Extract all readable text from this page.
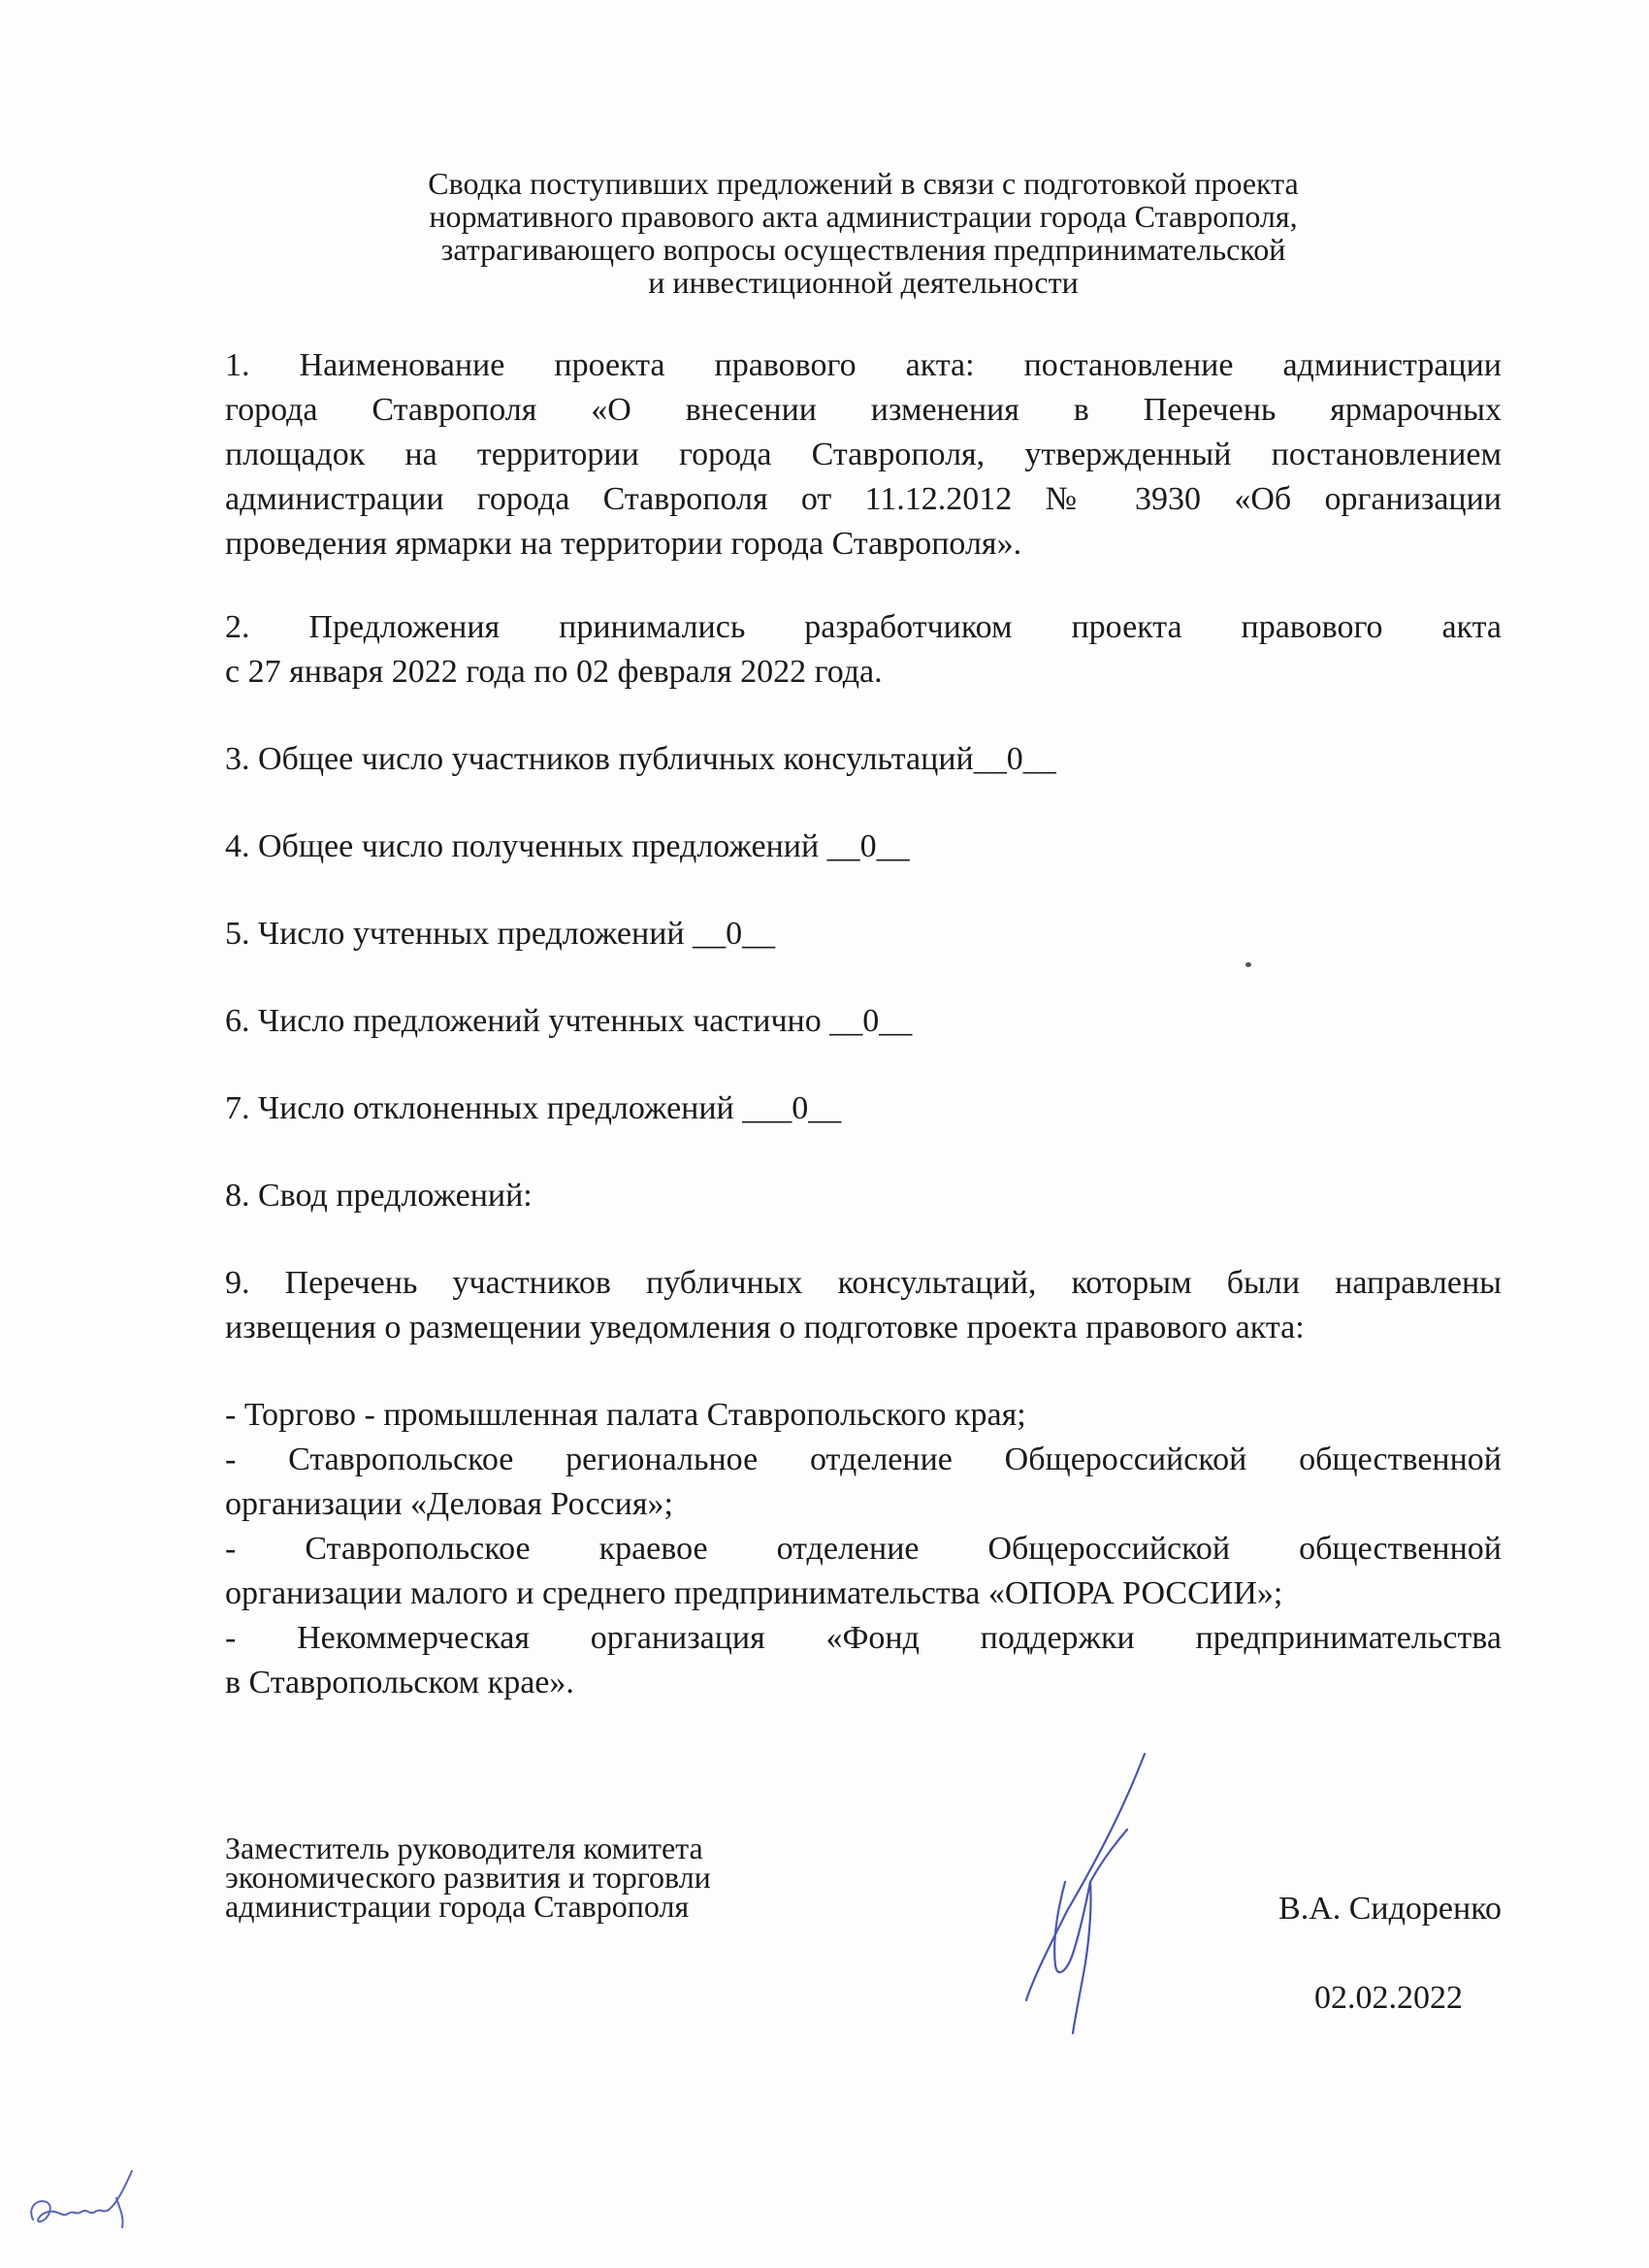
Сводка поступивших предложений в связи с подготовкой проекта
нормативного правового акта администрации города Ставрополя,
затрагивающего вопросы осуществления предпринимательской
и инвестиционной деятельности
1. Наименование проекта правового акта: постановление администрации
города Ставрополя «О внесении изменения в Перечень ярмарочных
площадок на территории города Ставрополя, утвержденный постановлением
администрации города Ставрополя от 11.12.2012 № 3930 «Об организации
проведения ярмарки на территории города Ставрополя».
2. Предложения принимались разработчиком проекта правового акта
с 27 января 2022 года по 02 февраля 2022 года.
3. Общее число участников публичных консультаций__0__
4. Общее число полученных предложений __0__
5. Число учтенных предложений __0__
6. Число предложений учтенных частично __0__
7. Число отклоненных предложений ___0__
8. Свод предложений:
9. Перечень участников публичных консультаций, которым были направлены
извещения о размещении уведомления о подготовке проекта правового акта:
- Торгово - промышленная палата Ставропольского края;
- Ставропольское региональное отделение Общероссийской общественной
организации «Деловая Россия»;
- Ставропольское краевое отделение Общероссийской общественной
организации малого и среднего предпринимательства «ОПОРА РОССИИ»;
- Некоммерческая организация «Фонд поддержки предпринимательства
в Ставропольском крае».
Заместитель руководителя комитета
экономического развития и торговли
администрации города Ставрополя	В.А. Сидоренко
02.02.2022
